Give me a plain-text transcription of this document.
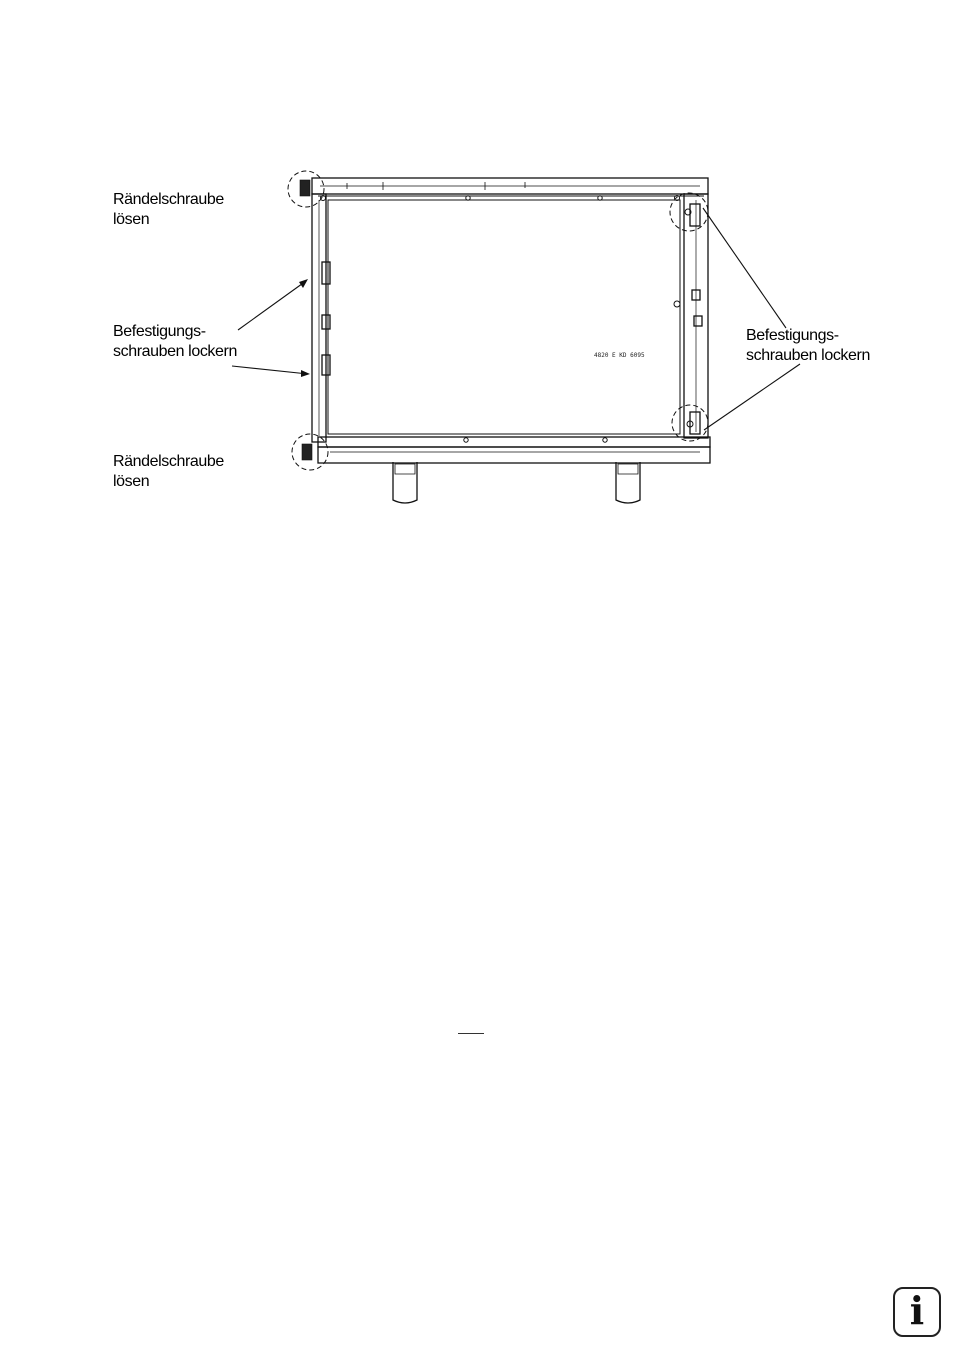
Rändelschraube
lösen
Befestigungs-
schrauben lockern
Befestigungs-
schrauben lockern
Rändelschraube
lösen
4820 E KD 6095
i
